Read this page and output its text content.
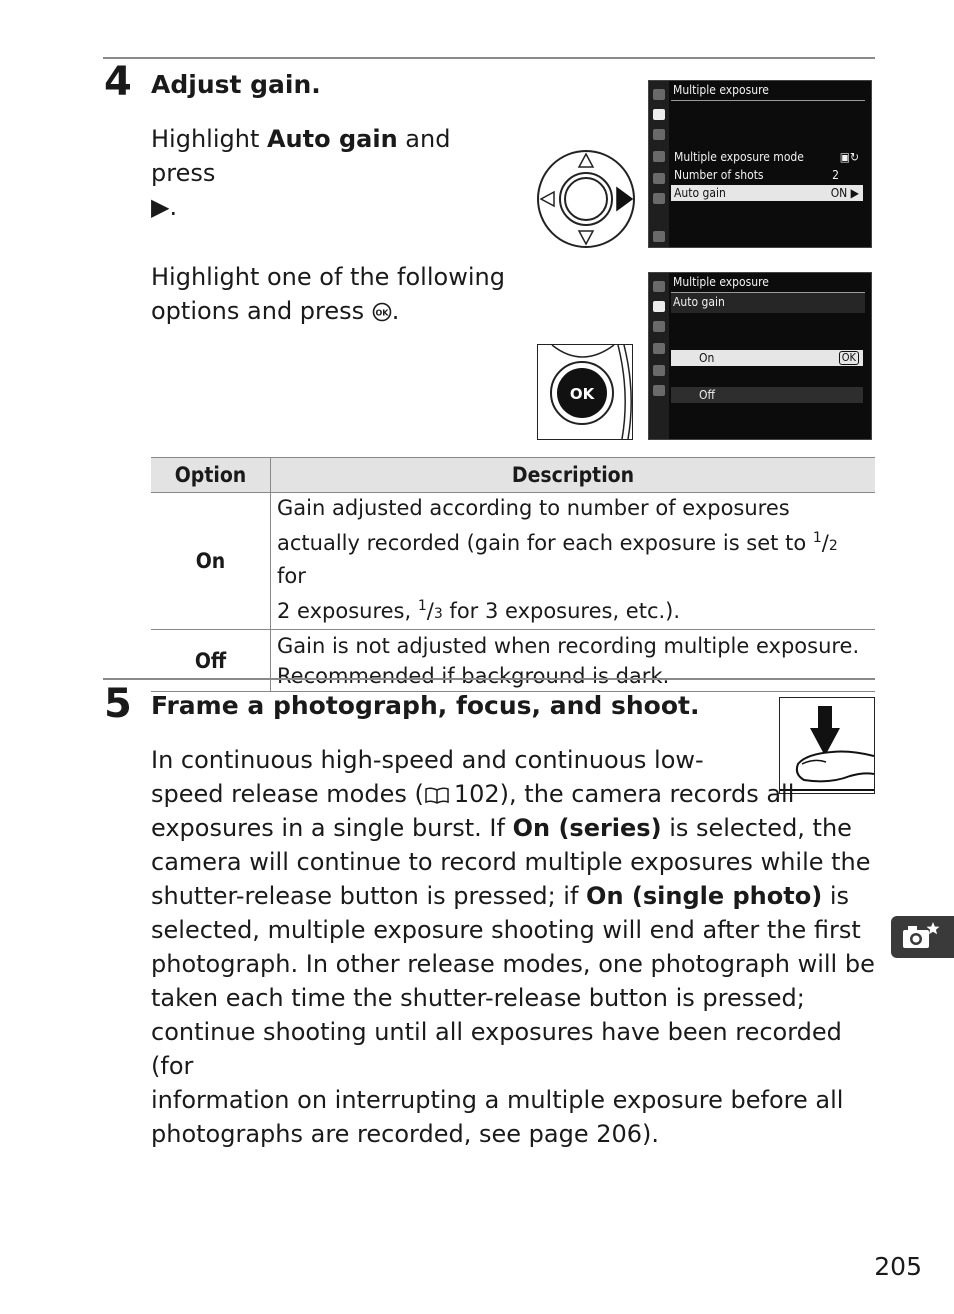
4 Adjust gain.
Highlight Auto gain and press
▶.
Highlight one of the following
options and press OK .
Multiple exposure
Multiple exposure mode	▣↻
Number of shots	2
Auto gain	ON ▶
OK
Multiple exposure
Auto gain
On	OK
Off
Option	Description
On	Gain adjusted according to number of exposures
actually recorded (gain for each exposure is set to $^1$/2 for
2 exposures, $^1$/3 for 3 exposures, etc.).
Off	Gain is not adjusted when recording multiple exposure.
Recommended if background is dark.
5 Frame a photograph, focus, and shoot.
In continuous high-speed and continuous low-
speed release modes ( 102), the camera records all
exposures in a single burst. If On (series) is selected, the
camera will continue to record multiple exposures while the
shutter-release button is pressed; if On (single photo) is
selected, multiple exposure shooting will end after the first
photograph. In other release modes, one photograph will be
taken each time the shutter-release button is pressed;
continue shooting until all exposures have been recorded (for
information on interrupting a multiple exposure before all
photographs are recorded, see page 206).
205
